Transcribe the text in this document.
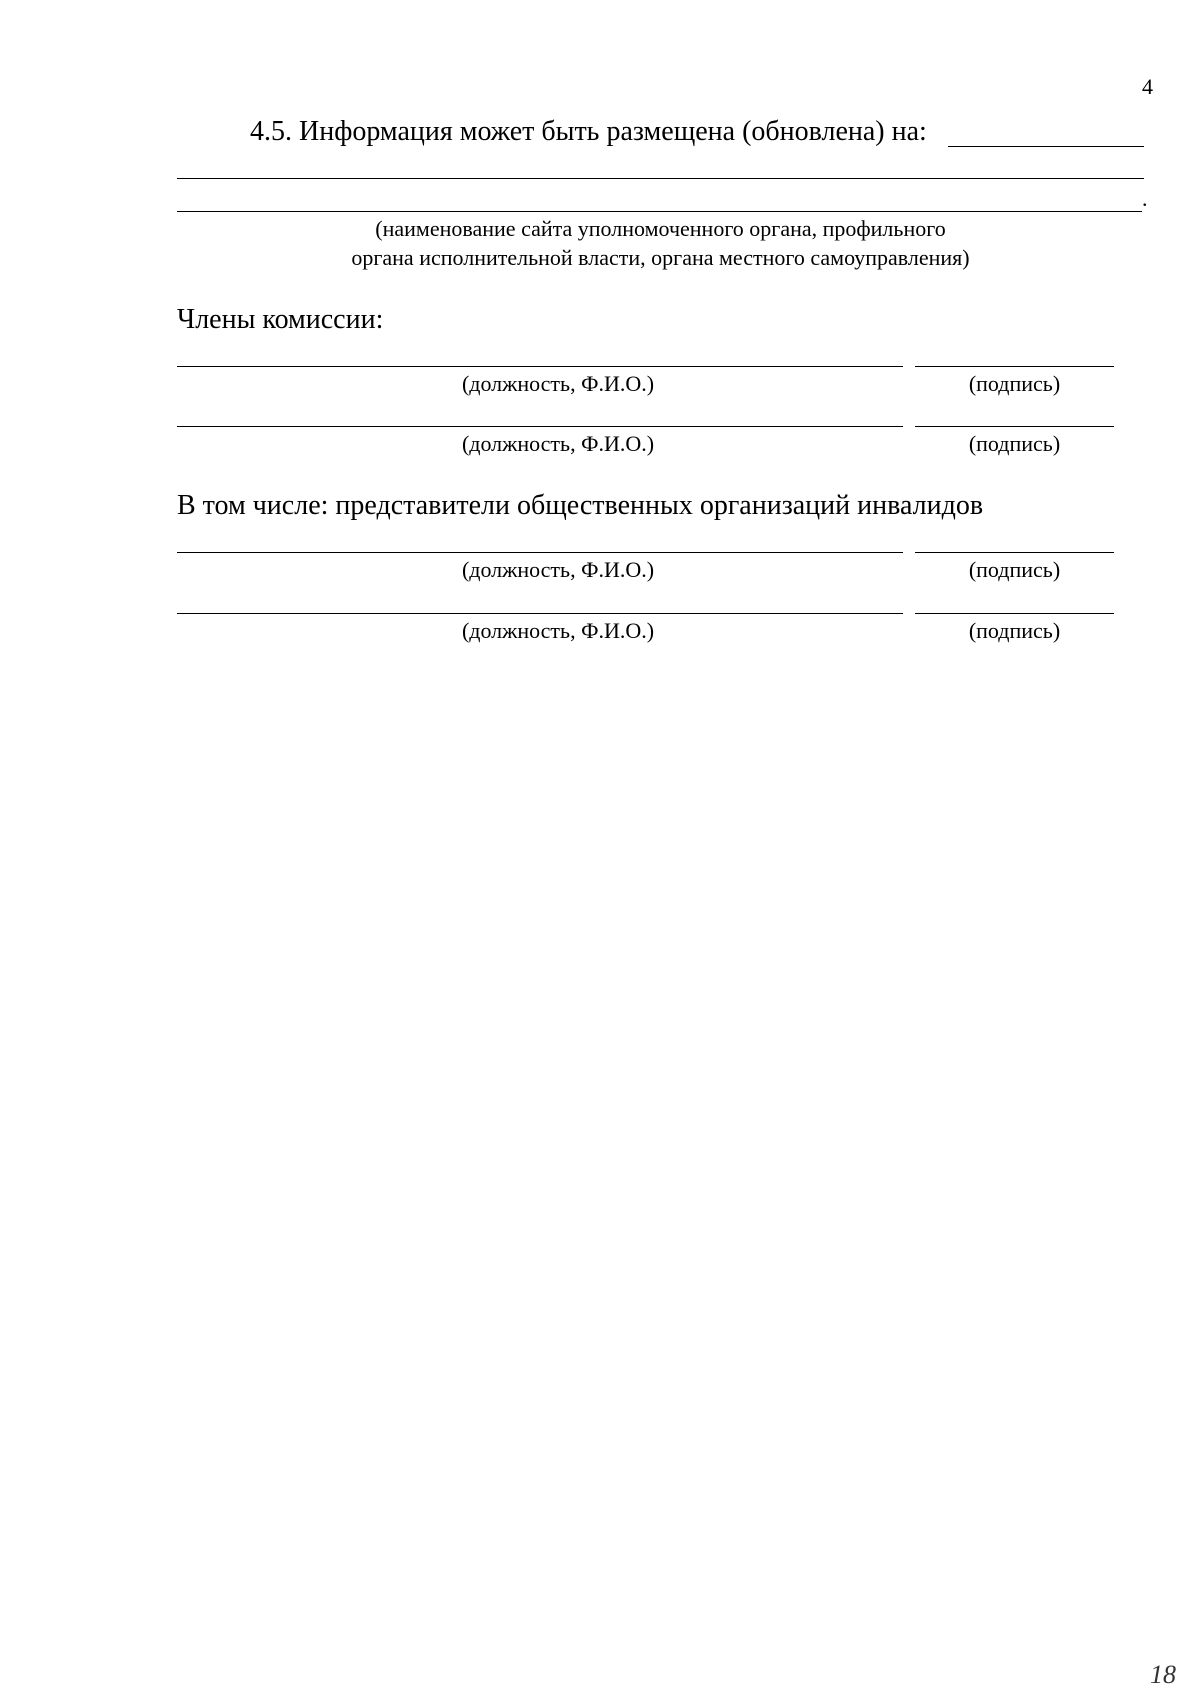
4
4.5. Информация может быть размещена (обновлена) на:
.
(наименование сайта уполномоченного органа, профильного
органа исполнительной власти, органа местного самоуправления)
Члены комиссии:
(должность, Ф.И.О.)	(подпись)
(должность, Ф.И.О.)	(подпись)
В том числе: представители общественных организаций инвалидов
(должность, Ф.И.О.)	(подпись)
(должность, Ф.И.О.)	(подпись)
18
